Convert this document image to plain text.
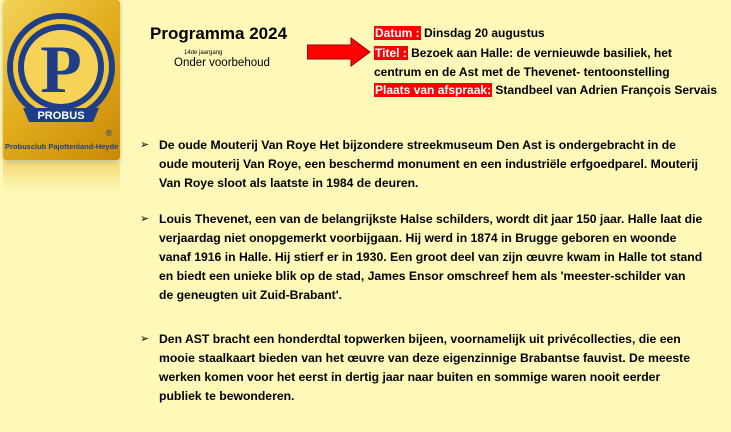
P
PROBUS
®
Probusclub Pajottenland-Heyde
Programma 2024
14de jaargang
Onder voorbehoud
Datum : Dinsdag 20 augustus
Titel : Bezoek aan Halle: de vernieuwde basiliek, het
centrum en de Ast met de Thevenet- tentoonstelling
Plaats van afspraak: Standbeel van Adrien François Servais
➢ De oude Mouterij Van Roye Het bijzondere streekmuseum Den Ast is ondergebracht in de
oude mouterij Van Roye, een beschermd monument en een industriële erfgoedparel. Mouterij
Van Roye sloot als laatste in 1984 de deuren.
➢ Louis Thevenet, een van de belangrijkste Halse schilders, wordt dit jaar 150 jaar. Halle laat die
verjaardag niet onopgemerkt voorbijgaan. Hij werd in 1874 in Brugge geboren en woonde
vanaf 1916 in Halle. Hij stierf er in 1930. Een groot deel van zijn œuvre kwam in Halle tot stand
en biedt een unieke blik op de stad, James Ensor omschreef hem als 'meester-schilder van
de geneugten uit Zuid-Brabant'.
➢ Den AST bracht een honderdtal topwerken bijeen, voornamelijk uit privécollecties, die een
mooie staalkaart bieden van het œuvre van deze eigenzinnige Brabantse fauvist. De meeste
werken komen voor het eerst in dertig jaar naar buiten en sommige waren nooit eerder
publiek te bewonderen.
